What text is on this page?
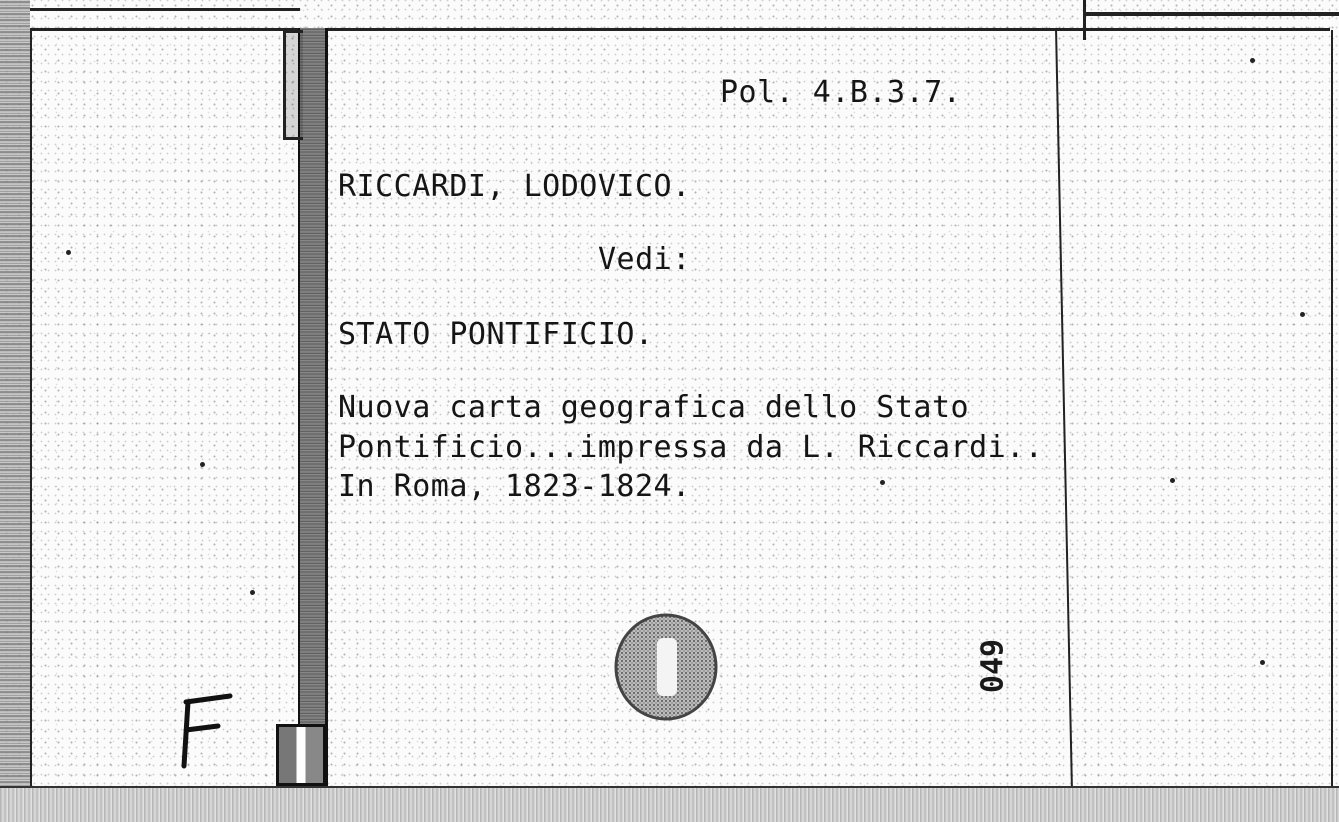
Pol. 4.B.3.7.
RICCARDI, LODOVICO.
Vedi:
STATO PONTIFICIO.
Nuova carta geografica dello Stato
Pontificio...impressa da L. Riccardi..
In Roma, 1823-1824.
049
